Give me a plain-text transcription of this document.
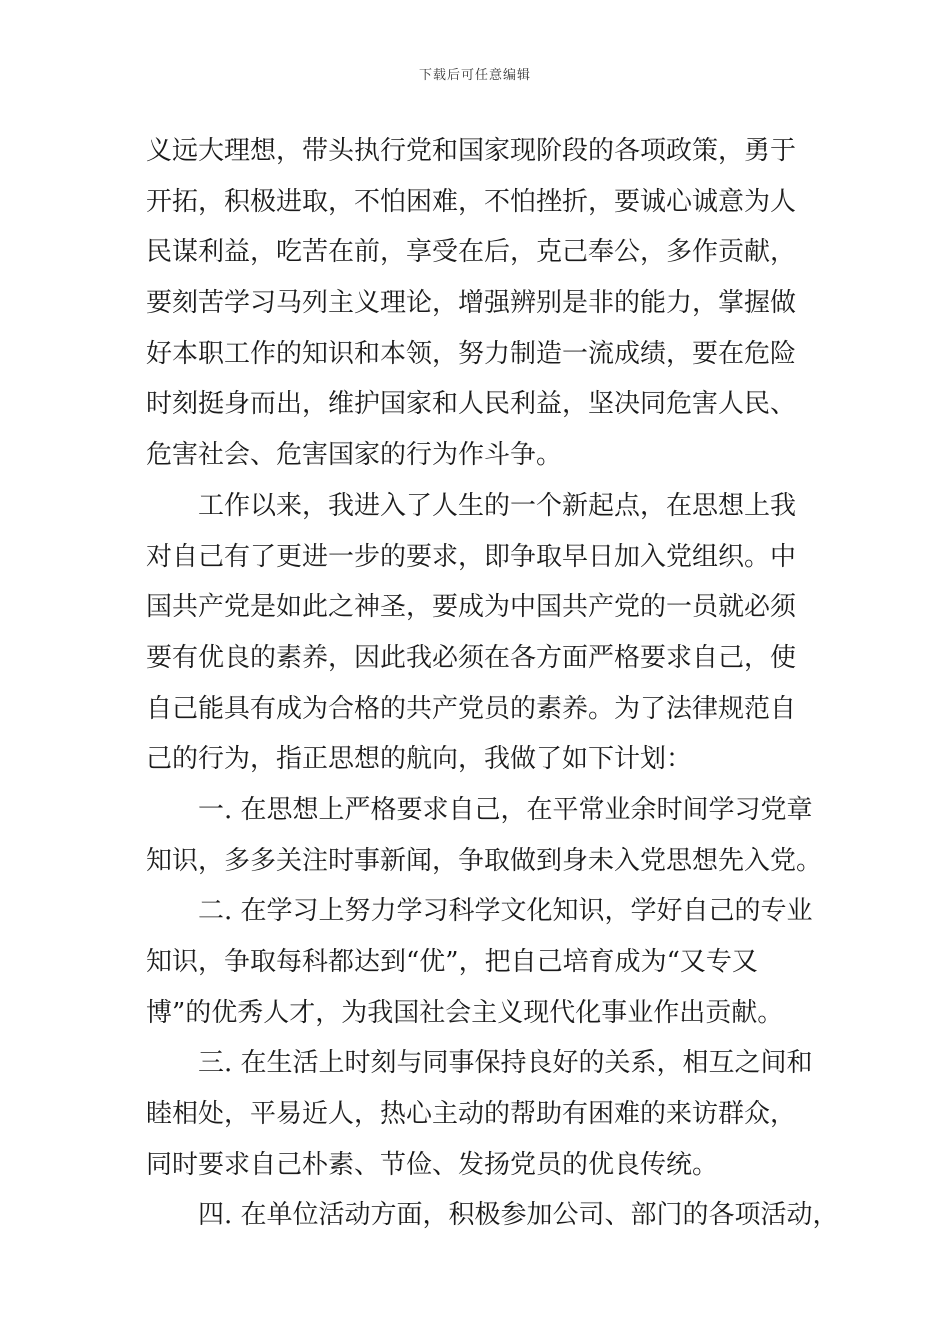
下载后可任意编辑
义远大理想，带头执行党和国家现阶段的各项政策，勇于
开拓，积极进取，不怕困难，不怕挫折，要诚心诚意为人
民谋利益，吃苦在前，享受在后，克己奉公，多作贡献，
要刻苦学习马列主义理论，增强辨别是非的能力，掌握做
好本职工作的知识和本领，努力制造一流成绩，要在危险
时刻挺身而出，维护国家和人民利益，坚决同危害人民、
危害社会、危害国家的行为作斗争。
工作以来，我进入了人生的一个新起点，在思想上我
对自己有了更进一步的要求，即争取早日加入党组织。中
国共产党是如此之神圣，要成为中国共产党的一员就必须
要有优良的素养，因此我必须在各方面严格要求自己，使
自己能具有成为合格的共产党员的素养。为了法律规范自
己的行为，指正思想的航向，我做了如下计划：
一. 在思想上严格要求自己，在平常业余时间学习党章
知识，多多关注时事新闻，争取做到身未入党思想先入党。
二. 在学习上努力学习科学文化知识，学好自己的专业
知识，争取每科都达到“优”，把自己培育成为“又专又
博”的优秀人才，为我国社会主义现代化事业作出贡献。
三. 在生活上时刻与同事保持良好的关系，相互之间和
睦相处，平易近人，热心主动的帮助有困难的来访群众，
同时要求自己朴素、节俭、发扬党员的优良传统。
四. 在单位活动方面，积极参加公司、部门的各项活动，
